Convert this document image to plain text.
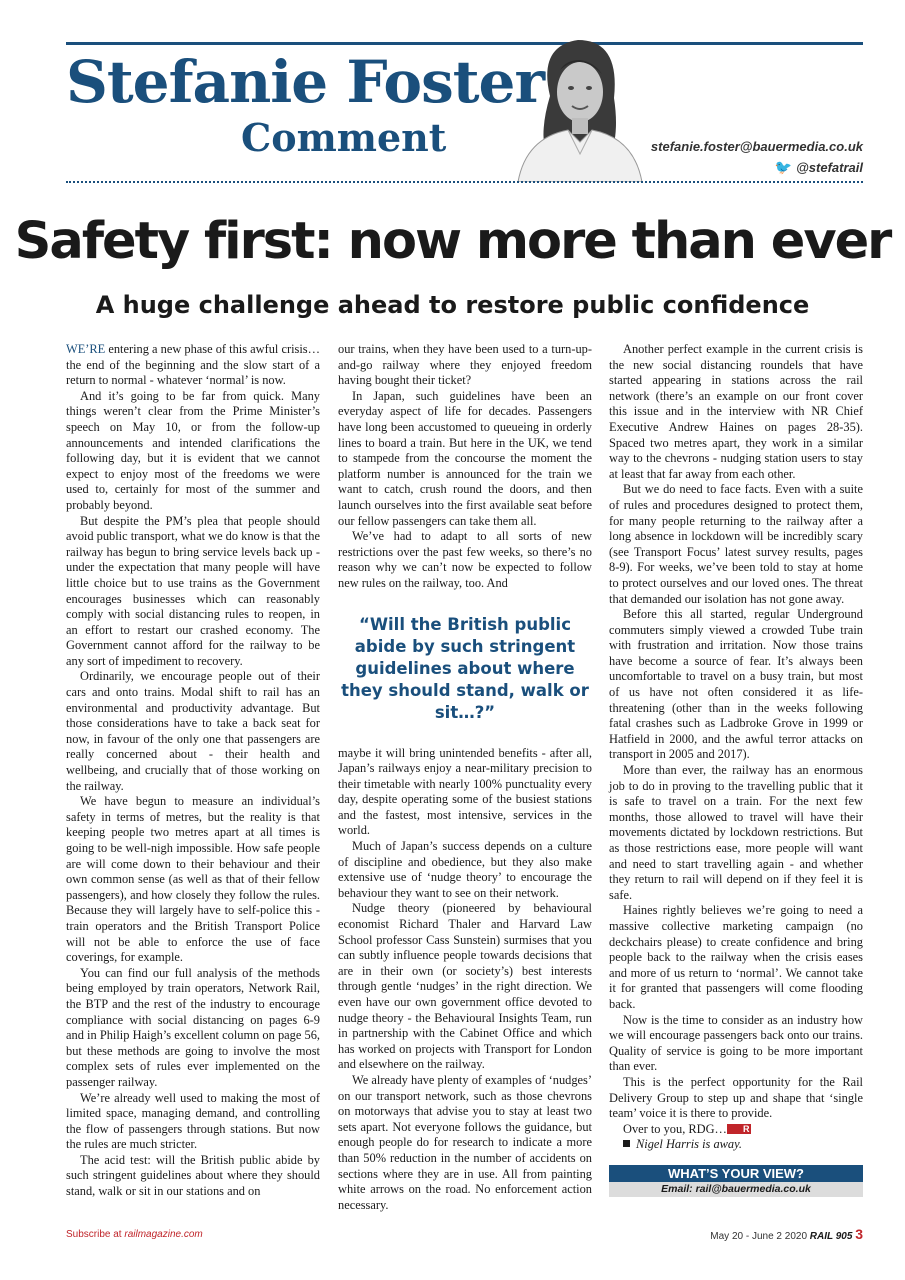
Stefanie Foster
Comment	stefanie.foster@bauermedia.co.uk
🐦 @stefatrail
Safety first: now more than ever
A huge challenge ahead to restore public confidence

WE’RE entering a new phase of this awful crisis… the end of the beginning and the slow start of a return to normal - whatever ‘normal’ is now.

And it’s going to be far from quick. Many things weren’t clear from the Prime Minister’s speech on May 10, or from the follow-up announcements and intended clarifications the following day, but it is evident that we cannot expect to enjoy most of the freedoms we were used to, certainly for most of the summer and probably beyond.

But despite the PM’s plea that people should avoid public transport, what we do know is that the railway has begun to bring service levels back up - under the expectation that many people will have little choice but to use trains as the Government encourages businesses which can reasonably comply with social distancing rules to reopen, in an effort to restart our crashed economy. The Government cannot afford for the railway to be any sort of impediment to recovery.

Ordinarily, we encourage people out of their cars and onto trains. Modal shift to rail has an environmental and productivity advantage. But those considerations have to take a back seat for now, in favour of the only one that passengers are really concerned about - their health and wellbeing, and crucially that of those working on the railway.

We have begun to measure an individual’s safety in terms of metres, but the reality is that keeping people two metres apart at all times is going to be well-nigh impossible. How safe people are will come down to their behaviour and their own common sense (as well as that of their fellow passengers), and how closely they follow the rules. Because they will largely have to self-police this - train operators and the British Transport Police will not be able to enforce the use of face coverings, for example.

You can find our full analysis of the methods being employed by train operators, Network Rail, the BTP and the rest of the industry to encourage compliance with social distancing on pages 6-9 and in Philip Haigh’s excellent column on page 56, but these methods are going to involve the most complex sets of rules ever implemented on the passenger railway.

We’re already well used to making the most of limited space, managing demand, and controlling the flow of passengers through stations. But now the rules are much stricter.

The acid test: will the British public abide by such stringent guidelines about where they should stand, walk or sit in our stations and on

our trains, when they have been used to a turn-up-and-go railway where they enjoyed freedom having bought their ticket?

In Japan, such guidelines have been an everyday aspect of life for decades. Passengers have long been accustomed to queueing in orderly lines to board a train. But here in the UK, we tend to stampede from the concourse the moment the platform number is announced for the train we want to catch, crush round the doors, and then launch ourselves into the first available seat before our fellow passengers can take them all.

We’ve had to adapt to all sorts of new restrictions over the past few weeks, so there’s no reason why we can’t now be expected to follow new rules on the railway, too. And

“Will the British public abide by such stringent guidelines about where they should stand, walk or sit…?”

maybe it will bring unintended benefits - after all, Japan’s railways enjoy a near-military precision to their timetable with nearly 100% punctuality every day, despite operating some of the busiest stations and the fastest, most intensive, services in the world.

Much of Japan’s success depends on a culture of discipline and obedience, but they also make extensive use of ‘nudge theory’ to encourage the behaviour they want to see on their network.

Nudge theory (pioneered by behavioural economist Richard Thaler and Harvard Law School professor Cass Sunstein) surmises that you can subtly influence people towards decisions that are in their own (or society’s) best interests through gentle ‘nudges’ in the right direction. We even have our own government office devoted to nudge theory - the Behavioural Insights Team, run in partnership with the Cabinet Office and which has worked on projects with Transport for London and elsewhere on the railway.

We already have plenty of examples of ‘nudges’ on our transport network, such as those chevrons on motorways that advise you to stay at least two sets apart. Not everyone follows the guidance, but enough people do for research to indicate a more than 50% reduction in the number of accidents on sections where they are in use. All from painting white arrows on the road. No enforcement action necessary.

Another perfect example in the current crisis is the new social distancing roundels that have started appearing in stations across the rail network (there’s an example on our front cover this issue and in the interview with NR Chief Executive Andrew Haines on pages 28-35). Spaced two metres apart, they work in a similar way to the chevrons - nudging station users to stay at least that far away from each other.

But we do need to face facts. Even with a suite of rules and procedures designed to protect them, for many people returning to the railway after a long absence in lockdown will be incredibly scary (see Transport Focus’ latest survey results, pages 8-9). For weeks, we’ve been told to stay at home to protect ourselves and our loved ones. The threat that demanded our isolation has not gone away.

Before this all started, regular Underground commuters simply viewed a crowded Tube train with frustration and irritation. Now those trains have become a source of fear. It’s always been uncomfortable to travel on a busy train, but most of us have not often considered it as life-threatening (other than in the weeks following fatal crashes such as Ladbroke Grove in 1999 or Hatfield in 2000, and the awful terror attacks on transport in 2005 and 2017).

More than ever, the railway has an enormous job to do in proving to the travelling public that it is safe to travel on a train. For the next few months, those allowed to travel will have their movements dictated by lockdown restrictions. But as those restrictions ease, more people will want and need to start travelling again - and whether they return to rail will depend on if they feel it is safe.

Haines rightly believes we’re going to need a massive collective marketing campaign (no deckchairs please) to create confidence and bring people back to the railway when the crisis eases and more of us return to ‘normal’. We cannot take it for granted that passengers will come flooding back.

Now is the time to consider as an industry how we will encourage passengers back onto our trains. Quality of service is going to be more important than ever.

This is the perfect opportunity for the Rail Delivery Group to step up and shape that ‘single team’ voice it is there to provide.

Over to you, RDG… R

Nigel Harris is away.

WHAT’S YOUR VIEW?
Email: rail@bauermedia.co.uk
Subscribe at railmagazine.com	May 20 - June 2 2020 RAIL 905 3
